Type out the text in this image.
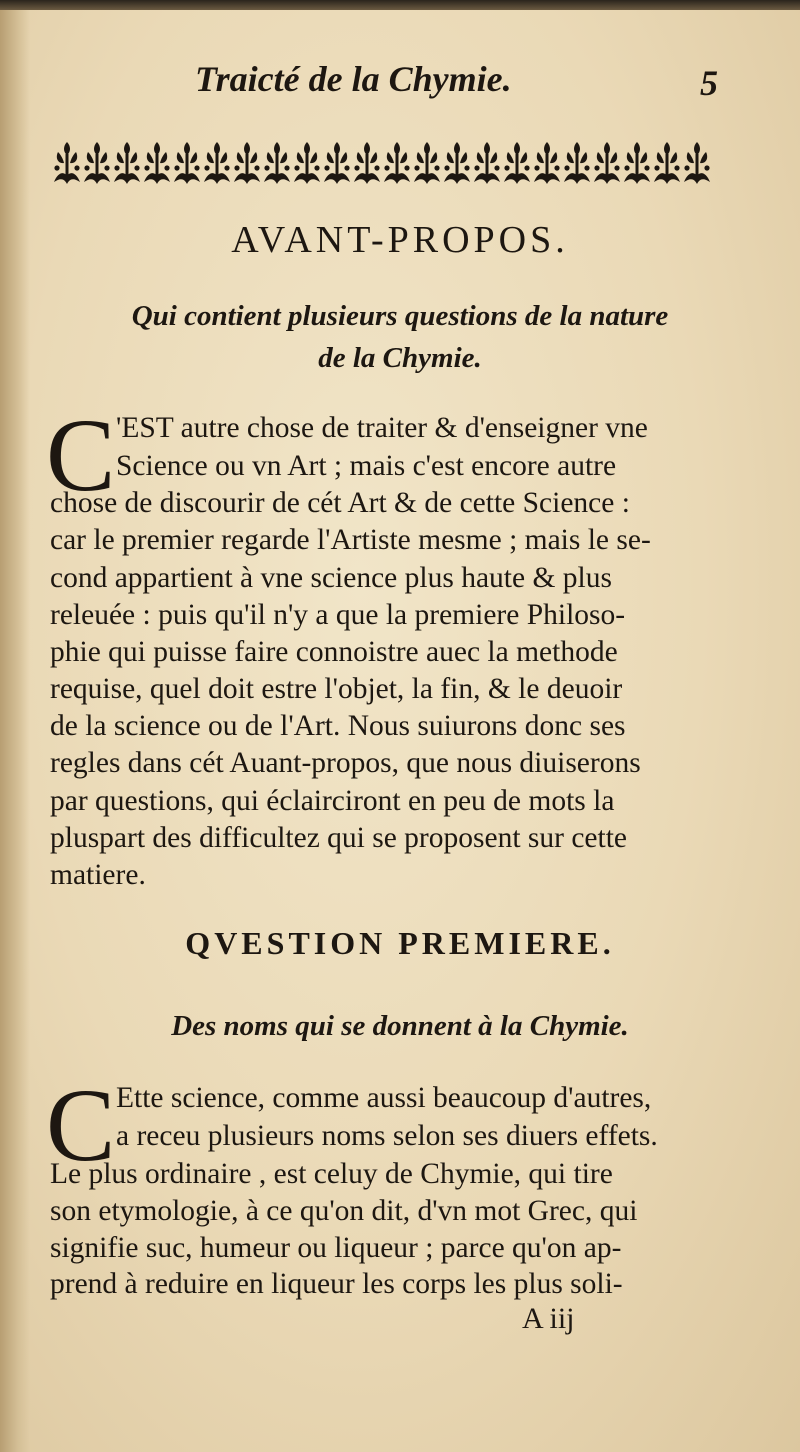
Traicté de la Chymie.	5
AVANT-PROPOS.
Qui contient plusieurs questions de la nature
de la Chymie.
C 'EST autre chose de traiter & d'enseigner vne
Science ou vn Art ; mais c'est encore autre
chose de discourir de cét Art & de cette Science :
car le premier regarde l'Artiste mesme ; mais le se-
cond appartient à vne science plus haute & plus
releuée : puis qu'il n'y a que la premiere Philoso-
phie qui puisse faire connoistre auec la methode
requise, quel doit estre l'objet, la fin, & le deuoir
de la science ou de l'Art. Nous suiurons donc ses
regles dans cét Auant-propos, que nous diuiserons
par questions, qui éclairciront en peu de mots la
pluspart des difficultez qui se proposent sur cette
matiere.
QVESTION PREMIERE.
Des noms qui se donnent à la Chymie.
C Ette science, comme aussi beaucoup d'autres,
a receu plusieurs noms selon ses diuers effets.
Le plus ordinaire , est celuy de Chymie, qui tire
son etymologie, à ce qu'on dit, d'vn mot Grec, qui
signifie suc, humeur ou liqueur ; parce qu'on ap-
prend à reduire en liqueur les corps les plus soli-
A iij
